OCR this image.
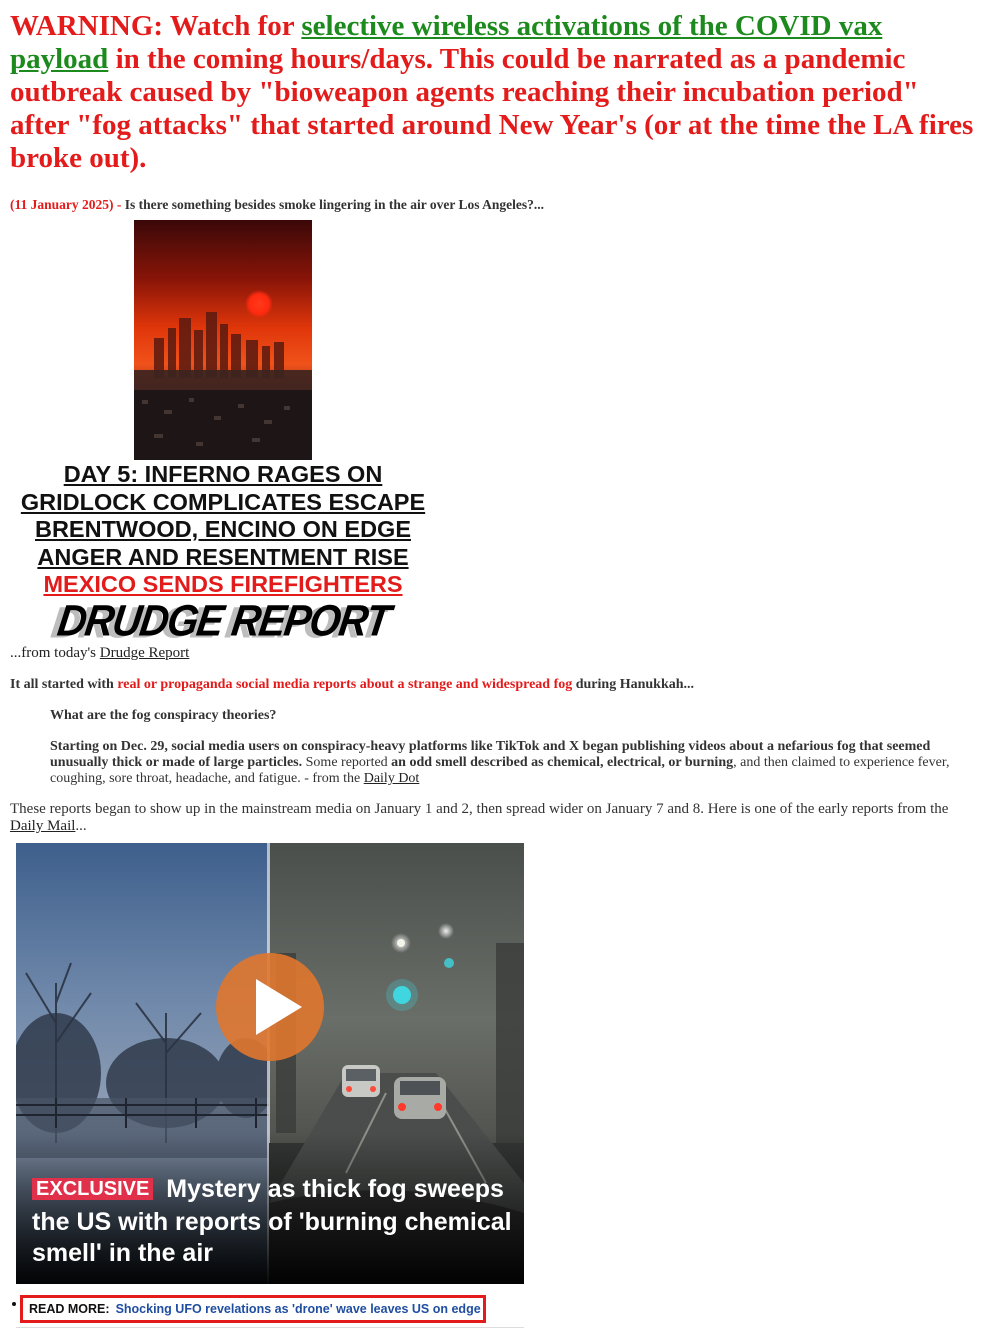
WARNING: Watch for selective wireless activations of the COVID vax payload in the coming hours/days. This could be narrated as a pandemic outbreak caused by "bioweapon agents reaching their incubation period" after "fog attacks" that started around New Year's (or at the time the LA fires broke out).
(11 January 2025) - Is there something besides smoke lingering in the air over Los Angeles?...
DAY 5: INFERNO RAGES ON
GRIDLOCK COMPLICATES ESCAPE
BRENTWOOD, ENCINO ON EDGE
ANGER AND RESENTMENT RISE
MEXICO SENDS FIREFIGHTERS
DRUDGE REPORT
...from today's Drudge Report
It all started with real or propaganda social media reports about a strange and widespread fog during Hanukkah...
What are the fog conspiracy theories?
Starting on Dec. 29, social media users on conspiracy-heavy platforms like TikTok and X began publishing videos about a nefarious fog that seemed unusually thick or made of large particles. Some reported an odd smell described as chemical, electrical, or burning, and then claimed to experience fever, coughing, sore throat, headache, and fatigue. - from the Daily Dot
These reports began to show up in the mainstream media on January 1 and 2, then spread wider on January 7 and 8. Here is one of the early reports from the Daily Mail...
EXCLUSIVE Mystery as thick fog sweeps the US with reports of 'burning chemical smell' in the air
READ MORE: Shocking UFO revelations as 'drone' wave leaves US on edge
